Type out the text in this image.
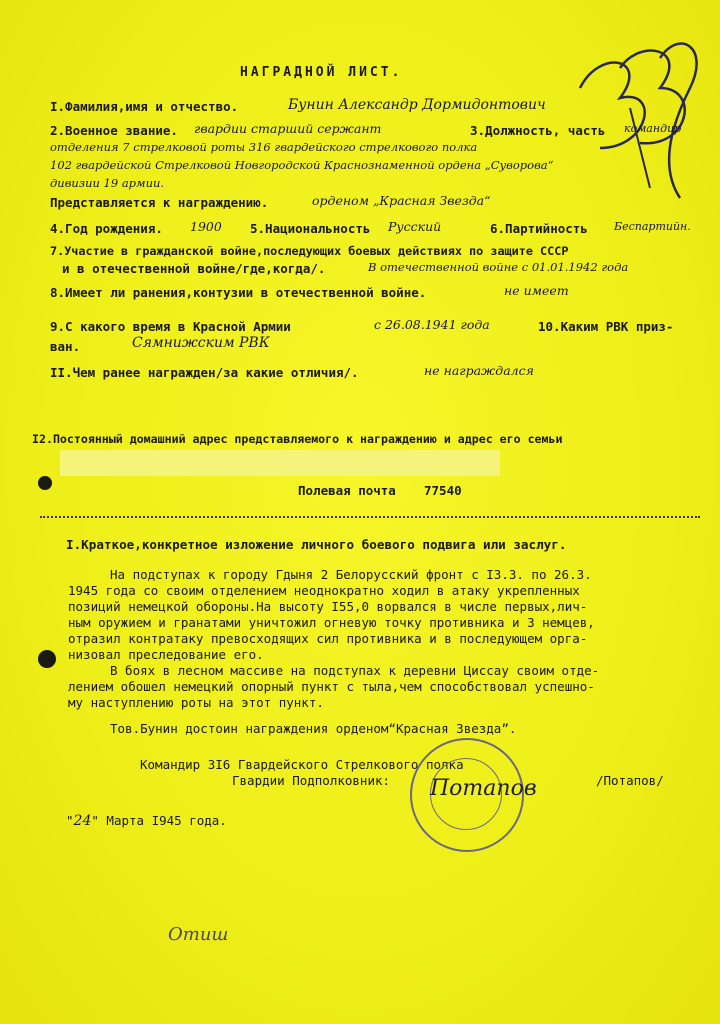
НАГРАДНОЙ ЛИСТ.
338
I.Фамилия,имя и отчество.	Бунин Александр Дормидонтович
2.Военное звание. гвардии старший сержант	3.Должность, часть командир
отделения 7 стрелковой роты 316 гвардейского стрелкового полка
102 гвардейской Стрелковой Новгородской Краснознаменной ордена „Суворова“
дивизии 19 армии.
Представляется к награждению.	орденом „Красная Звезда“
4.Год рождения. 1900 5.Национальность Русский	6.Партийность Беспартийн.
7.Участие в гражданской войне,последующих боевых действиях по защите СССР
и в отечественной войне/где,когда/.	В отечественной войне с 01.01.1942 года
8.Имеет ли ранения,контузии в отечественной войне.	не имеет
9.С какого время в Красной Армии	с 26.08.1941 года	10.Каким РВК приз-
ван.	Сямнижским РВК
II.Чем ранее награжден/за какие отличия/.	не награждался
I2.Постоянный домашний адрес представляемого к награждению и адрес его семьи
Полевая почта 77540
I.Краткое,конкретное изложение личного боевого подвига или заслуг.
На подступах к городу Гдыня 2 Белорусский фронт с I3.3. по 26.3.
1945 года со своим отделением неоднократно ходил в атаку укрепленных
позиций немецкой обороны.На высоту I55,0 ворвался в числе первых,лич-
ным оружием и гранатами уничтожил огневую точку противника и 3 немцев,
отразил контратаку превосходящих сил противника и в последующем орга-
низовал преследование его.
В боях в лесном массиве на подступах к деревни Циссау своим отде-
лением обошел немецкий опорный пункт с тыла,чем способствовал успешно-
му наступлению роты на этот пункт.
Тов.Бунин достоин награждения орденом“Красная Звезда”.
Командир 3I6 Гвардейского Стрелкового полка
Гвардии Подполковник:	/Потапов/
Потапов
"24" Марта I945 года.
Отиш
